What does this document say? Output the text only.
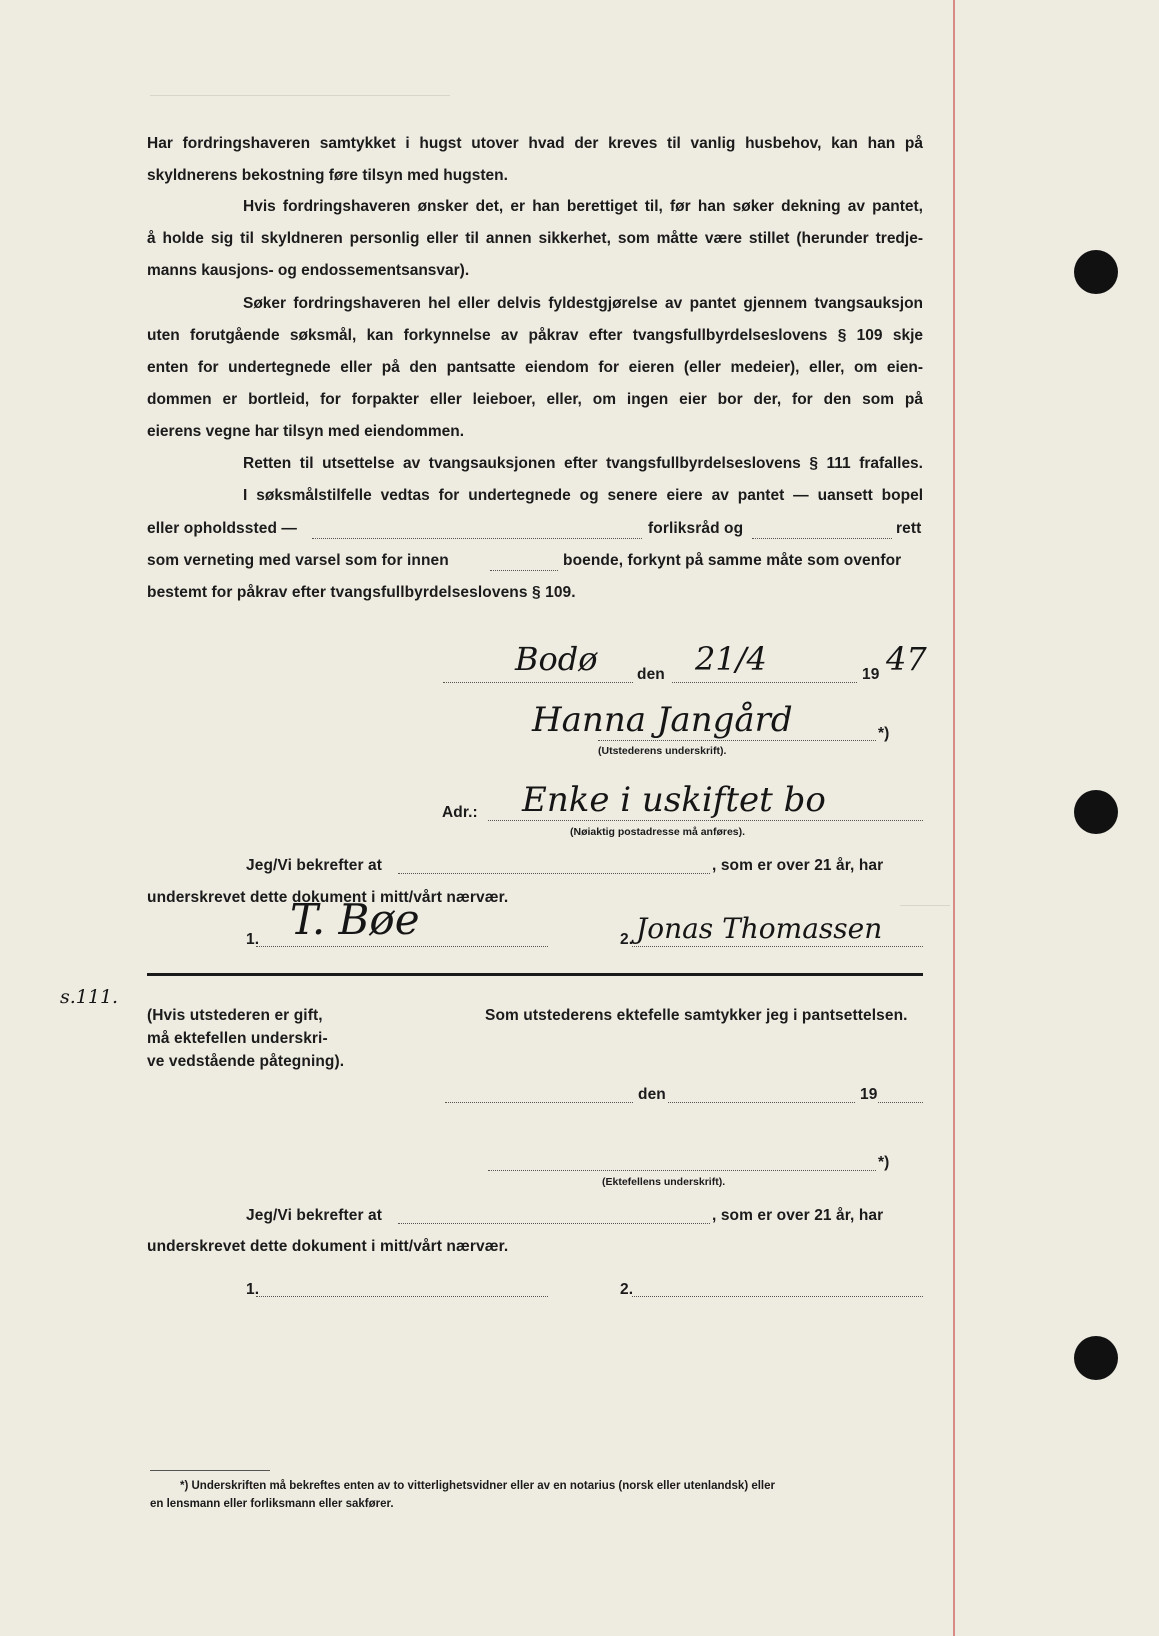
Har fordringshaveren samtykket i hugst utover hvad der kreves til vanlig husbehov, kan han på
skyldnerens bekostning føre tilsyn med hugsten.
Hvis fordringshaveren ønsker det, er han berettiget til, før han søker dekning av pantet,
å holde sig til skyldneren personlig eller til annen sikkerhet, som måtte være stillet (herunder tredje-
manns kausjons- og endossementsansvar).
Søker fordringshaveren hel eller delvis fyldestgjørelse av pantet gjennem tvangsauksjon
uten forutgående søksmål, kan forkynnelse av påkrav efter tvangsfullbyrdelseslovens § 109 skje
enten for undertegnede eller på den pantsatte eiendom for eieren (eller medeier), eller, om eien-
dommen er bortleid, for forpakter eller leieboer, eller, om ingen eier bor der, for den som på
eierens vegne har tilsyn med eiendommen.
Retten til utsettelse av tvangsauksjonen efter tvangsfullbyrdelseslovens § 111 frafalles.
I søksmålstilfelle vedtas for undertegnede og senere eiere av pantet — uansett bopel
eller opholdssted —	forliksråd og	rett
som verneting med varsel som for innen	boende, forkynt på samme måte som ovenfor
bestemt for påkrav efter tvangsfullbyrdelseslovens § 109.
Bodø	den 21/4	19 47
Hanna Jangård	*)
(Utstederens underskrift).
Adr.: Enke i uskiftet bo
(Nøiaktig postadresse må anføres).
Jeg/Vi bekrefter at	, som er over 21 år, har
underskrevet dette dokument i mitt/vårt nærvær.
1. T. Bøe	2. Jonas Thomassen
s.111.
(Hvis utstederen er gift,
må ektefellen underskri-
ve vedstående påtegning).
Som utstederens ektefelle samtykker jeg i pantsettelsen.
den	19
*)
(Ektefellens underskrift).
Jeg/Vi bekrefter at	, som er over 21 år, har
underskrevet dette dokument i mitt/vårt nærvær.
1.	2.
*) Underskriften må bekreftes enten av to vitterlighetsvidner eller av en notarius (norsk eller utenlandsk) eller
en lensmann eller forliksmann eller sakfører.
